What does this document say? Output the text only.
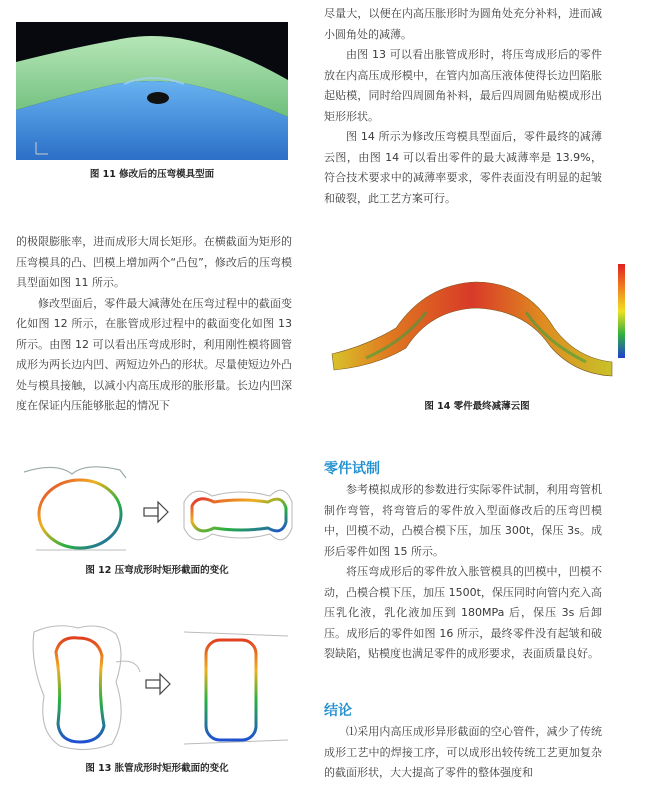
图 11 修改后的压弯模具型面

的极限膨胀率，进而成形大周长矩形。在横截面为矩形的压弯模具的凸、凹模上增加两个“凸包”，修改后的压弯模具型面如图 11 所示。

修改型面后，零件最大减薄处在压弯过程中的截面变化如图 12 所示，在胀管成形过程中的截面变化如图 13 所示。由图 12 可以看出压弯成形时，利用刚性模将圆管成形为两长边内凹、两短边外凸的形状。尽量使短边外凸处与模具接触，以减小内高压成形的胀形量。长边内凹深度在保证内压能够胀起的情况下

图 12 压弯成形时矩形截面的变化
图 13 胀管成形时矩形截面的变化

尽量大，以便在内高压胀形时为圆角处充分补料，进而减小圆角处的减薄。

由图 13 可以看出胀管成形时，将压弯成形后的零件放在内高压成形模中，在管内加高压液体使得长边凹陷胀起贴模，同时给四周圆角补料，最后四周圆角贴模成形出矩形形状。

图 14 所示为修改压弯模具型面后，零件最终的减薄云图，由图 14 可以看出零件的最大减薄率是 13.9%，符合技术要求中的减薄率要求，零件表面没有明显的起皱和破裂，此工艺方案可行。

图 14 零件最终减薄云图
零件试制

参考模拟成形的参数进行实际零件试制，利用弯管机制作弯管，将弯管后的零件放入型面修改后的压弯凹模中，凹模不动，凸模合模下压，加压 300t，保压 3s。成形后零件如图 15 所示。

将压弯成形后的零件放入胀管模具的凹模中，凹模不动，凸模合模下压，加压 1500t，保压同时向管内充入高压乳化液，乳化液加压到 180MPa 后，保压 3s 后卸压。成形后的零件如图 16 所示，最终零件没有起皱和破裂缺陷，贴模度也满足零件的成形要求，表面质量良好。

结论

⑴采用内高压成形异形截面的空心管件，减少了传统成形工艺中的焊接工序，可以成形出较传统工艺更加复杂的截面形状，大大提高了零件的整体强度和
